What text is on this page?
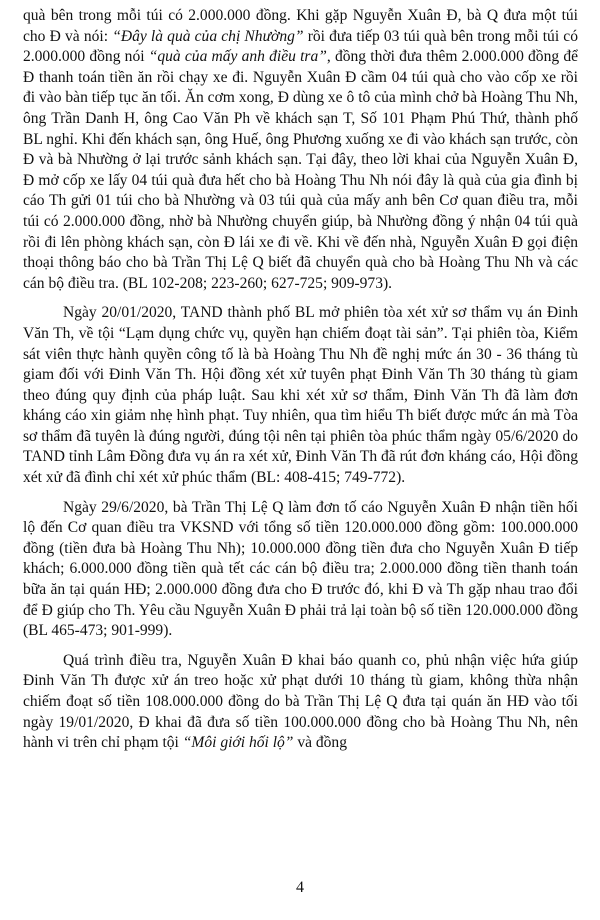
quà bên trong mỗi túi có 2.000.000 đồng. Khi gặp Nguyễn Xuân Đ, bà Q đưa một túi cho Đ và nói: “Đây là quà của chị Nhường” rồi đưa tiếp 03 túi quà bên trong mỗi túi có 2.000.000 đồng nói “quà của mấy anh điều tra”, đồng thời đưa thêm 2.000.000 đồng để Đ thanh toán tiền ăn rồi chạy xe đi. Nguyễn Xuân Đ cầm 04 túi quà cho vào cốp xe rồi đi vào bàn tiếp tục ăn tối. Ăn cơm xong, Đ dùng xe ô tô của mình chở bà Hoàng Thu Nh, ông Trần Danh H, ông Cao Văn Ph về khách sạn T, Số 101 Phạm Phú Thứ, thành phố BL nghỉ. Khi đến khách sạn, ông Huế, ông Phương xuống xe đi vào khách sạn trước, còn Đ và bà Nhường ở lại trước sảnh khách sạn. Tại đây, theo lời khai của Nguyễn Xuân Đ, Đ mở cốp xe lấy 04 túi quà đưa hết cho bà Hoàng Thu Nh nói đây là quà của gia đình bị cáo Th gửi 01 túi cho bà Nhường và 03 túi quà của mấy anh bên Cơ quan điều tra, mỗi túi có 2.000.000 đồng, nhờ bà Nhường chuyển giúp, bà Nhường đồng ý nhận 04 túi quà rồi đi lên phòng khách sạn, còn Đ lái xe đi về. Khi về đến nhà, Nguyễn Xuân Đ gọi điện thoại thông báo cho bà Trần Thị Lệ Q biết đã chuyển quà cho bà Hoàng Thu Nh và các cán bộ điều tra. (BL 102-208; 223-260; 627-725; 909-973).

Ngày 20/01/2020, TAND thành phố BL mở phiên tòa xét xử sơ thẩm vụ án Đinh Văn Th, về tội “Lạm dụng chức vụ, quyền hạn chiếm đoạt tài sản”. Tại phiên tòa, Kiểm sát viên thực hành quyền công tố là bà Hoàng Thu Nh đề nghị mức án 30 - 36 tháng tù giam đối với Đinh Văn Th. Hội đồng xét xử tuyên phạt Đinh Văn Th 30 tháng tù giam theo đúng quy định của pháp luật. Sau khi xét xử sơ thẩm, Đinh Văn Th đã làm đơn kháng cáo xin giảm nhẹ hình phạt. Tuy nhiên, qua tìm hiểu Th biết được mức án mà Tòa sơ thẩm đã tuyên là đúng người, đúng tội nên tại phiên tòa phúc thẩm ngày 05/6/2020 do TAND tỉnh Lâm Đồng đưa vụ án ra xét xử, Đinh Văn Th đã rút đơn kháng cáo, Hội đồng xét xử đã đình chỉ xét xử phúc thẩm (BL: 408-415; 749-772).

Ngày 29/6/2020, bà Trần Thị Lệ Q làm đơn tố cáo Nguyễn Xuân Đ nhận tiền hối lộ đến Cơ quan điều tra VKSND với tổng số tiền 120.000.000 đồng gồm: 100.000.000 đồng (tiền đưa bà Hoàng Thu Nh); 10.000.000 đồng tiền đưa cho Nguyễn Xuân Đ tiếp khách; 6.000.000 đồng tiền quà tết các cán bộ điều tra; 2.000.000 đồng tiền thanh toán bữa ăn tại quán HĐ; 2.000.000 đồng đưa cho Đ trước đó, khi Đ và Th gặp nhau trao đổi để Đ giúp cho Th. Yêu cầu Nguyễn Xuân Đ phải trả lại toàn bộ số tiền 120.000.000 đồng (BL 465-473; 901-999).

Quá trình điều tra, Nguyễn Xuân Đ khai báo quanh co, phủ nhận việc hứa giúp Đinh Văn Th được xử án treo hoặc xử phạt dưới 10 tháng tù giam, không thừa nhận chiếm đoạt số tiền 108.000.000 đồng do bà Trần Thị Lệ Q đưa tại quán ăn HĐ vào tối ngày 19/01/2020, Đ khai đã đưa số tiền 100.000.000 đồng cho bà Hoàng Thu Nh, nên hành vi trên chỉ phạm tội “Môi giới hối lộ” và đồng

4
